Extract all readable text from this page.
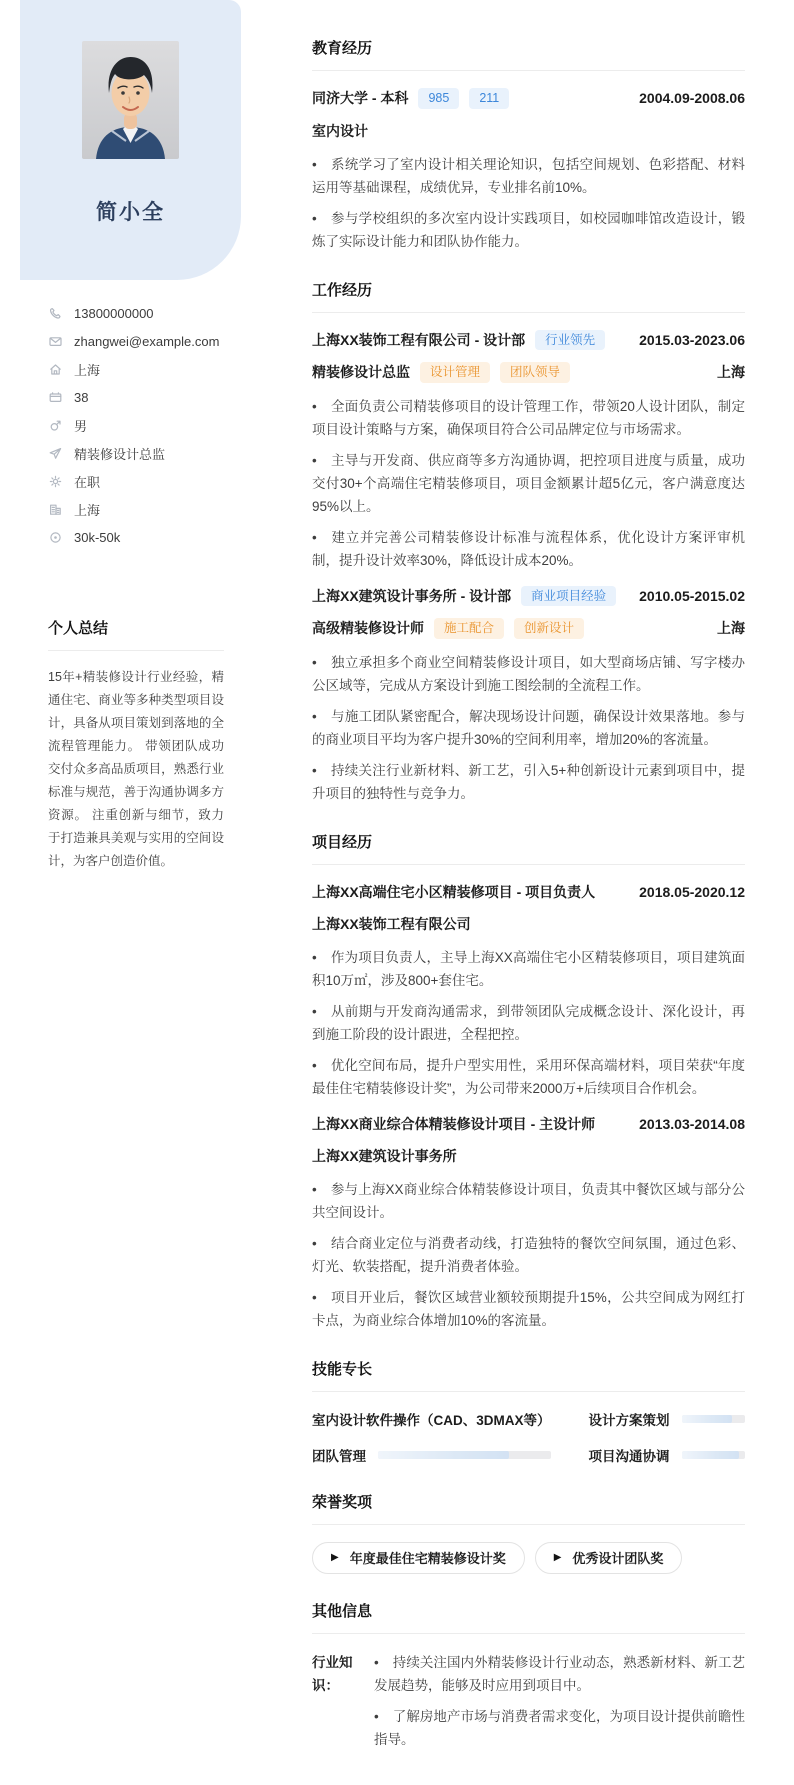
简小全
13800000000
zhangwei@example.com
上海
38
男
精装修设计总监
在职
上海
30k-50k
个人总结

15年+精装修设计行业经验，精通住宅、商业等多种类型项目设计，具备从项目策划到落地的全流程管理能力。 带领团队成功交付众多高品质项目，熟悉行业标准与规范，善于沟通协调多方资源。 注重创新与细节，致力于打造兼具美观与实用的空间设计，为客户创造价值。

教育经历
同济大学 - 本科	985	211	2004.09-2008.06
室内设计

• 系统学习了室内设计相关理论知识，包括空间规划、色彩搭配、材料运用等基础课程，成绩优异，专业排名前10%。

• 参与学校组织的多次室内设计实践项目，如校园咖啡馆改造设计，锻炼了实际设计能力和团队协作能力。

工作经历
上海XX装饰工程有限公司 - 设计部	行业领先	2015.03-2023.06
精装修设计总监	设计管理	团队领导	上海

• 全面负责公司精装修项目的设计管理工作，带领20人设计团队，制定项目设计策略与方案，确保项目符合公司品牌定位与市场需求。

• 主导与开发商、供应商等多方沟通协调，把控项目进度与质量，成功交付30+个高端住宅精装修项目，项目金额累计超5亿元，客户满意度达95%以上。

• 建立并完善公司精装修设计标准与流程体系，优化设计方案评审机制，提升设计效率30%，降低设计成本20%。

上海XX建筑设计事务所 - 设计部	商业项目经验	2010.05-2015.02
高级精装修设计师	施工配合	创新设计	上海

• 独立承担多个商业空间精装修设计项目，如大型商场店铺、写字楼办公区域等，完成从方案设计到施工图绘制的全流程工作。

• 与施工团队紧密配合，解决现场设计问题，确保设计效果落地。参与的商业项目平均为客户提升30%的空间利用率，增加20%的客流量。

• 持续关注行业新材料、新工艺，引入5+种创新设计元素到项目中，提升项目的独特性与竞争力。

项目经历
上海XX高端住宅小区精装修项目 - 项目负责人	2018.05-2020.12
上海XX装饰工程有限公司

• 作为项目负责人，主导上海XX高端住宅小区精装修项目，项目建筑面积10万㎡，涉及800+套住宅。

• 从前期与开发商沟通需求，到带领团队完成概念设计、深化设计，再到施工阶段的设计跟进，全程把控。

• 优化空间布局，提升户型实用性，采用环保高端材料，项目荣获“年度最佳住宅精装修设计奖”，为公司带来2000万+后续项目合作机会。

上海XX商业综合体精装修设计项目 - 主设计师	2013.03-2014.08
上海XX建筑设计事务所

• 参与上海XX商业综合体精装修设计项目，负责其中餐饮区域与部分公共空间设计。

• 结合商业定位与消费者动线，打造独特的餐饮空间氛围，通过色彩、灯光、软装搭配，提升消费者体验。

• 项目开业后，餐饮区域营业额较预期提升15%，公共空间成为网红打卡点，为商业综合体增加10%的客流量。

技能专长
室内设计软件操作（CAD、3DMAX等）	设计方案策划
团队管理	项目沟通协调
荣誉奖项
▶ 年度最佳住宅精装修设计奖	▶ 优秀设计团队奖
其他信息
行业知识：

• 持续关注国内外精装修设计行业动态，熟悉新材料、新工艺发展趋势，能够及时应用到项目中。

• 了解房地产市场与消费者需求变化，为项目设计提供前瞻性指导。
